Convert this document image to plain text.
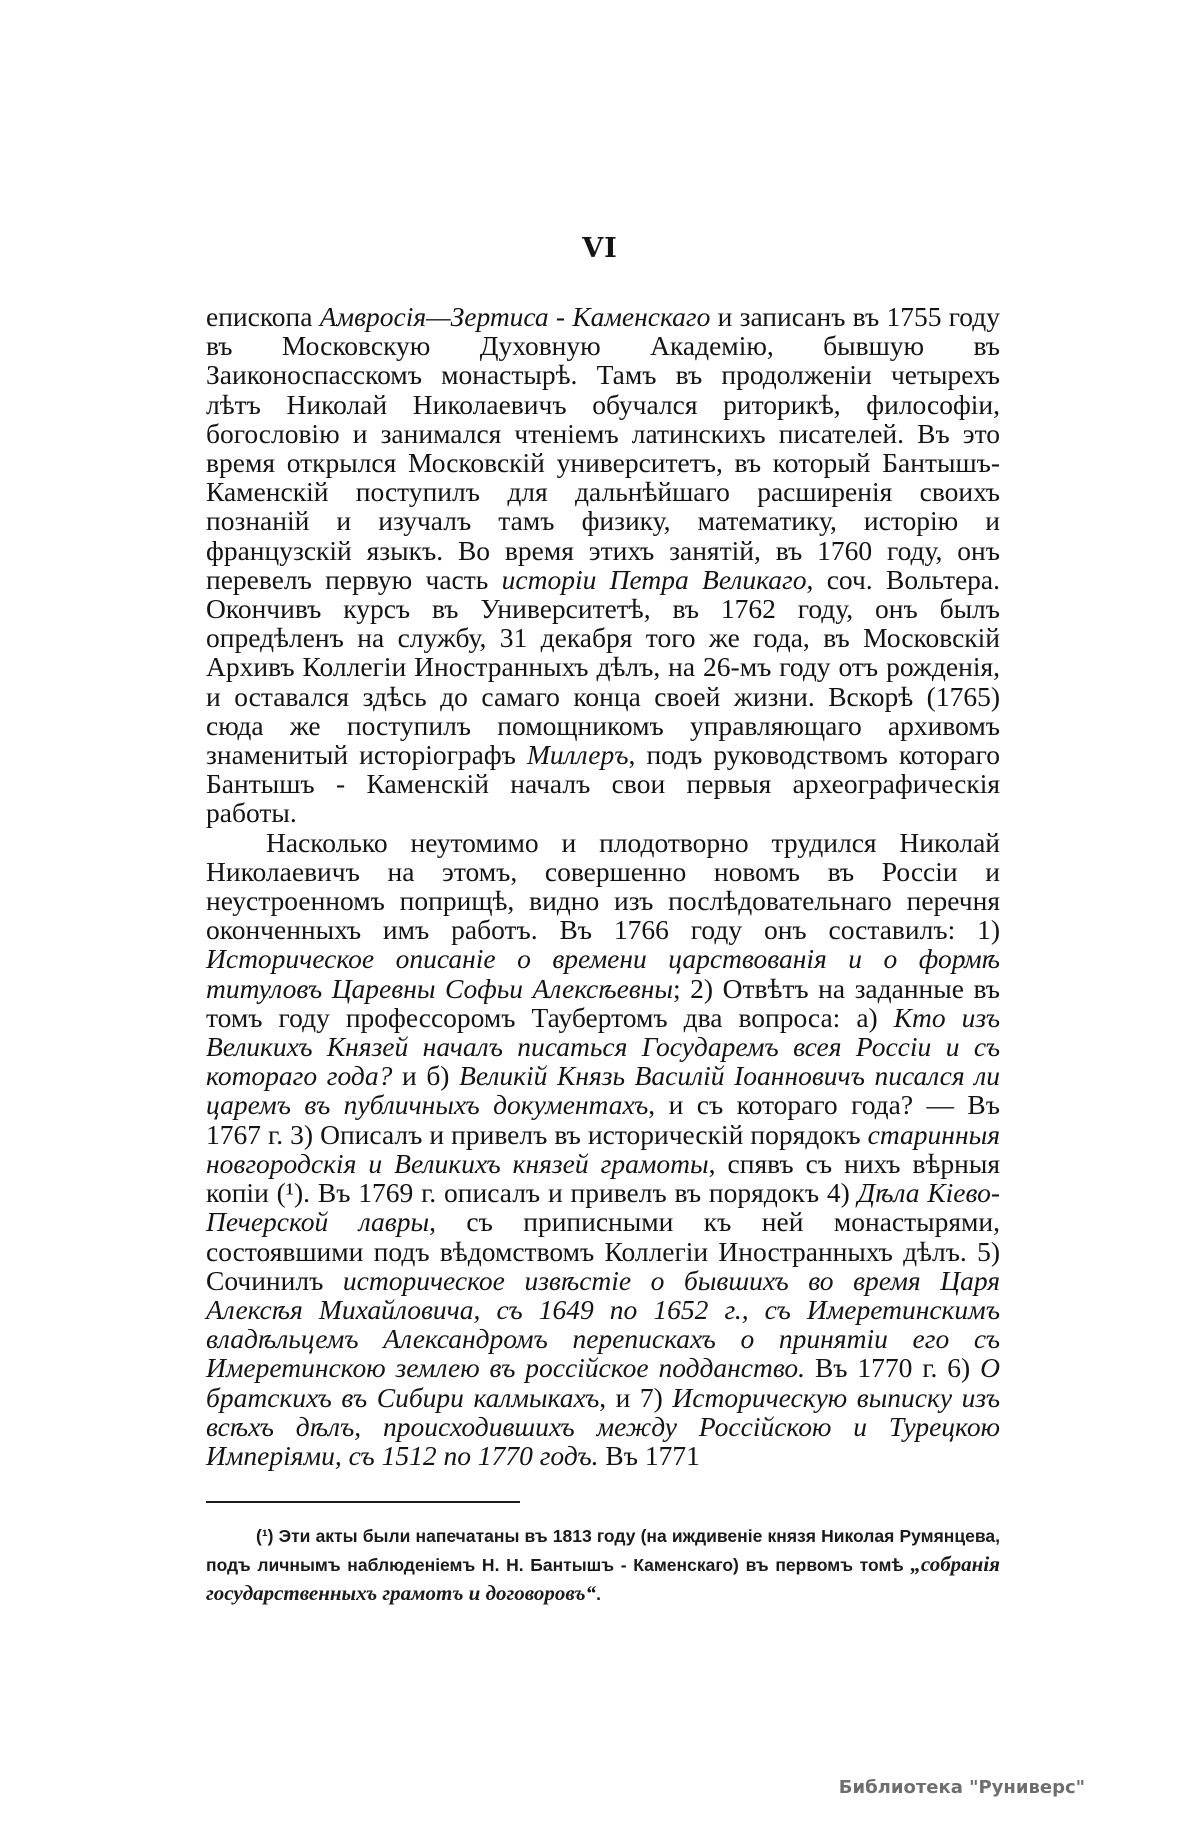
VI

епископа Амвросія—Зертиса - Каменскаго и записанъ въ 1755 году въ Московскую Духовную Академію, бывшую въ Заиконоспасскомъ монастырѣ. Тамъ въ продолженіи четырехъ лѣтъ Николай Николаевичъ обучался риторикѣ, философіи, богословію и занимался чтеніемъ латинскихъ писателей. Въ это время открылся Московскій университетъ, въ который Бантышъ-Каменскій поступилъ для дальнѣйшаго расширенія своихъ познаній и изучалъ тамъ физику, математику, исторію и французскій языкъ. Во время этихъ занятій, въ 1760 году, онъ перевелъ первую часть исторіи Петра Великаго, соч. Вольтера. Окончивъ курсъ въ Университетѣ, въ 1762 году, онъ былъ опредѣленъ на службу, 31 декабря того же года, въ Московскій Архивъ Коллегіи Иностранныхъ дѣлъ, на 26-мъ году отъ рожденія, и оставался здѣсь до самаго конца своей жизни. Вскорѣ (1765) сюда же поступилъ помощникомъ управляющаго архивомъ знаменитый исторіографъ Миллеръ, подъ руководствомъ котораго Бантышъ - Каменскій началъ свои первыя археографическія работы.

Насколько неутомимо и плодотворно трудился Николай Николаевичъ на этомъ, совершенно новомъ въ Россіи и неустроенномъ поприщѣ, видно изъ послѣдовательнаго перечня оконченныхъ имъ работъ. Въ 1766 году онъ составилъ: 1) Историческое описаніе о времени царствованія и о формѣ титуловъ Царевны Софьи Алексѣевны; 2) Отвѣтъ на заданные въ томъ году профессоромъ Таубертомъ два вопроса: а) Кто изъ Великихъ Князей началъ писаться Государемъ всея Россіи и съ котораго года? и б) Великій Князь Василій Іоанновичъ писался ли царемъ въ публичныхъ документахъ, и съ котораго года? — Въ 1767 г. 3) Описалъ и привелъ въ историческій порядокъ старинныя новгородскія и Великихъ князей грамоты, спявъ съ нихъ вѣрныя копіи (¹). Въ 1769 г. описалъ и привелъ въ порядокъ 4) Дѣла Кіево-Печерской лавры, съ приписными къ ней монастырями, состоявшими подъ вѣдомствомъ Коллегіи Иностранныхъ дѣлъ. 5) Сочинилъ историческое извѣстіе о бывшихъ во время Царя Алексѣя Михайловича, съ 1649 по 1652 г., съ Имеретинскимъ владѣльцемъ Александромъ перепискахъ о принятіи его съ Имеретинскою землею въ россійское подданство. Въ 1770 г. 6) О братскихъ въ Сибири калмыкахъ, и 7) Историческую выписку изъ всѣхъ дѣлъ, происходившихъ между Россійскою и Турецкою Имперіями, съ 1512 по 1770 годъ. Въ 1771

(¹) Эти акты были напечатаны въ 1813 году (на иждивеніе князя Николая Румянцева, подъ личнымъ наблюденіемъ Н. Н. Бантышъ - Каменскаго) въ первомъ томѣ „собранія государственныхъ грамотъ и договоровъ“.

Библиотека "Руниверс"
